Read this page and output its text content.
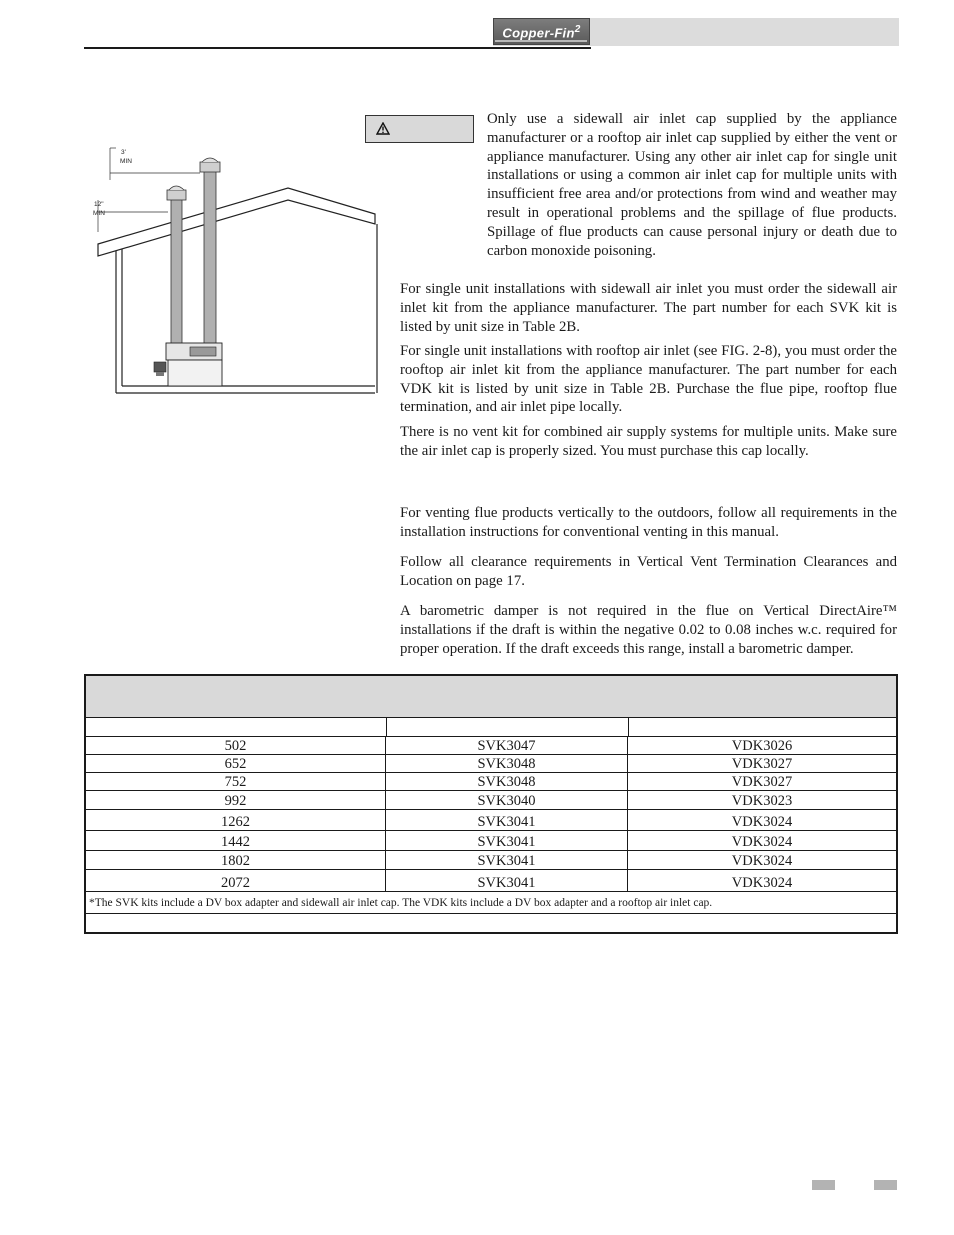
Copper-Fin$^2$
3'
MIN
12"
MIN

Only use a sidewall air inlet cap supplied by the appliance manufacturer or a rooftop air inlet cap supplied by either the vent or appliance manufacturer. Using any other air inlet cap for single unit installations or using a common air inlet cap for multiple units with insufficient free area and/or protections from wind and weather may result in operational problems and the spillage of flue products. Spillage of flue products can cause personal injury or death due to carbon monoxide poisoning.

For single unit installations with sidewall air inlet you must order the sidewall air inlet kit from the appliance manufacturer. The part number for each SVK kit is listed by unit size in Table 2B.

For single unit installations with rooftop air inlet (see FIG. 2-8), you must order the rooftop air inlet kit from the appliance manufacturer. The part number for each VDK kit is listed by unit size in Table 2B. Purchase the flue pipe, rooftop flue termination, and air inlet pipe locally.

There is no vent kit for combined air supply systems for multiple units. Make sure the air inlet cap is properly sized. You must purchase this cap locally.

For venting flue products vertically to the outdoors, follow all requirements in the installation instructions for conventional venting in this manual.

Follow all clearance requirements in Vertical Vent Termination Clearances and Location on page 17.

A barometric damper is not required in the flue on Vertical DirectAire™ installations if the draft is within the negative 0.02 to 0.08 inches w.c. required for proper operation. If the draft exceeds this range, install a barometric damper.

502	SVK3047	VDK3026
652	SVK3048	VDK3027
752	SVK3048	VDK3027
992	SVK3040	VDK3023
1262	SVK3041	VDK3024
1442	SVK3041	VDK3024
1802	SVK3041	VDK3024
2072	SVK3041	VDK3024
*The SVK kits include a DV box adapter and sidewall air inlet cap. The VDK kits include a DV box adapter and a rooftop air inlet cap.
